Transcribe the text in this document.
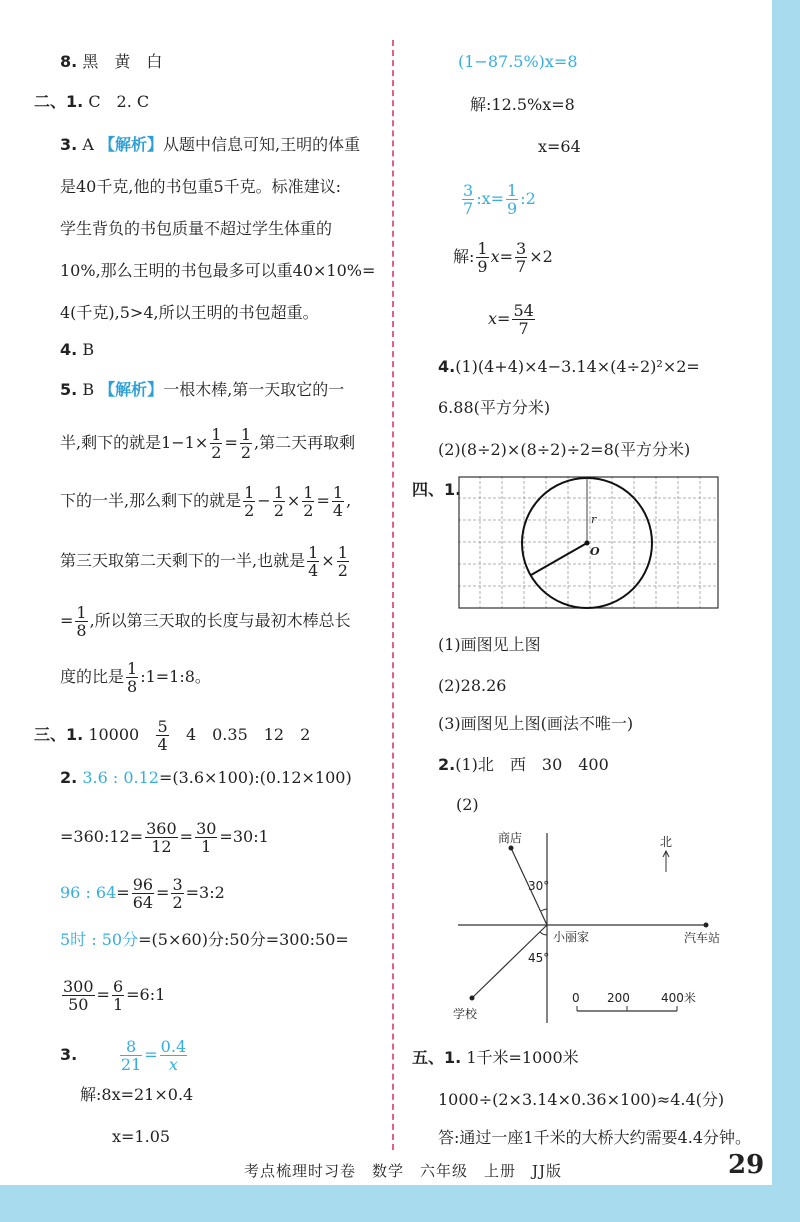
8. 黑　黄　白
二、1. C　2. C
3. A 【解析】从题中信息可知,王明的体重
是40千克,他的书包重5千克。标准建议:
学生背负的书包质量不超过学生体重的
10%,那么王明的书包最多可以重40×10%=
4(千克),5>4,所以王明的书包超重。
4. B
5. B 【解析】一根木棒,第一天取它的一
半,剩下的就是$1-1\times \frac{1}{2} = \frac{1}{2}$ ,第二天再取剩
下的一半,那么剩下的就是 $\frac{1}{2} - \frac{1}{2} \times \frac{1}{2} = \frac{1}{4}$ ,
第三天取第二天剩下的一半,也就是 $\frac{1}{4} \times \frac{1}{2}$
= $\frac{1}{8}$ ,所以第三天取的长度与最初木棒总长
度的比是 $\frac{1}{8}$ :1=1:8。
三、1. $10000 \frac{5}{4} 4$　0.35　12　2
2. 3.6 : 0.12=(3.6×100):(0.12×100)
=360:12= $\frac{360}{12} = \frac{30}{1}$ =30:1
96 : $64= \frac{96}{64} = \frac{3}{2}$ =3:2
5时 : 50分=(5×60)分:50分=300:50=
$\frac{300}{50} = \frac{6}{1}$ =6:1
3.	$\frac{8}{21} = \frac{0.4}{x}$
解:8x=21×0.4
x=1.05
(1−87.5%)x=8
解:12.5%x=8
x=64
$\frac{3}{7}$ :x= $\frac{1}{9}$ :2
解: $\frac{1}{9} x= \frac{3}{7} \times 2$
$x= \frac{54}{7}$
4.(1)(4+4)×4−3.14×(4÷2)²×2=
6.88(平方分米)
(2)(8÷2)×(8÷2)÷2=8(平方分米)
四、1.
r
O
(1)画图见上图
(2)28.26
(3)画图见上图(画法不唯一)
2.(1)北　西　30　400
(2)
商店
学校
汽车站
小丽家
30°
45°
北
0 200	400米
五、1. 1千米=1000米
1000÷(2×3.14×0.36×100)≈4.4(分)
答:通过一座1千米的大桥大约需要4.4分钟。
考点梳理时习卷　数学　六年级　上册　JJ版	29
